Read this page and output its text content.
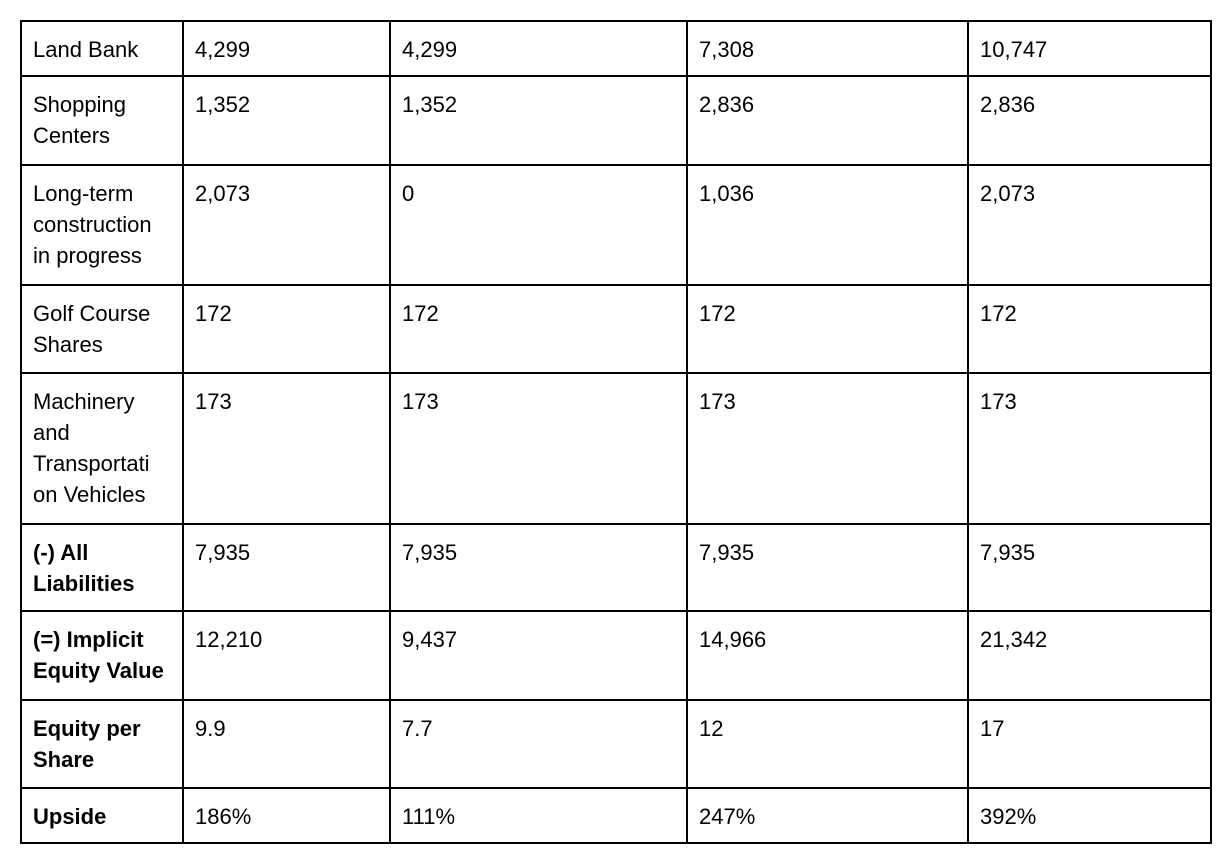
Land Bank	4,299	4,299	7,308	10,747
Shopping Centers	1,352	1,352	2,836	2,836
Long-term construction in progress	2,073	0	1,036	2,073
Golf Course Shares	172	172	172	172
Machinery and Transportati on Vehicles	173	173	173	173
(-) All Liabilities	7,935	7,935	7,935	7,935
(=) Implicit Equity Value	12,210	9,437	14,966	21,342
Equity per Share	9.9	7.7	12	17
Upside	186%	111%	247%	392%
